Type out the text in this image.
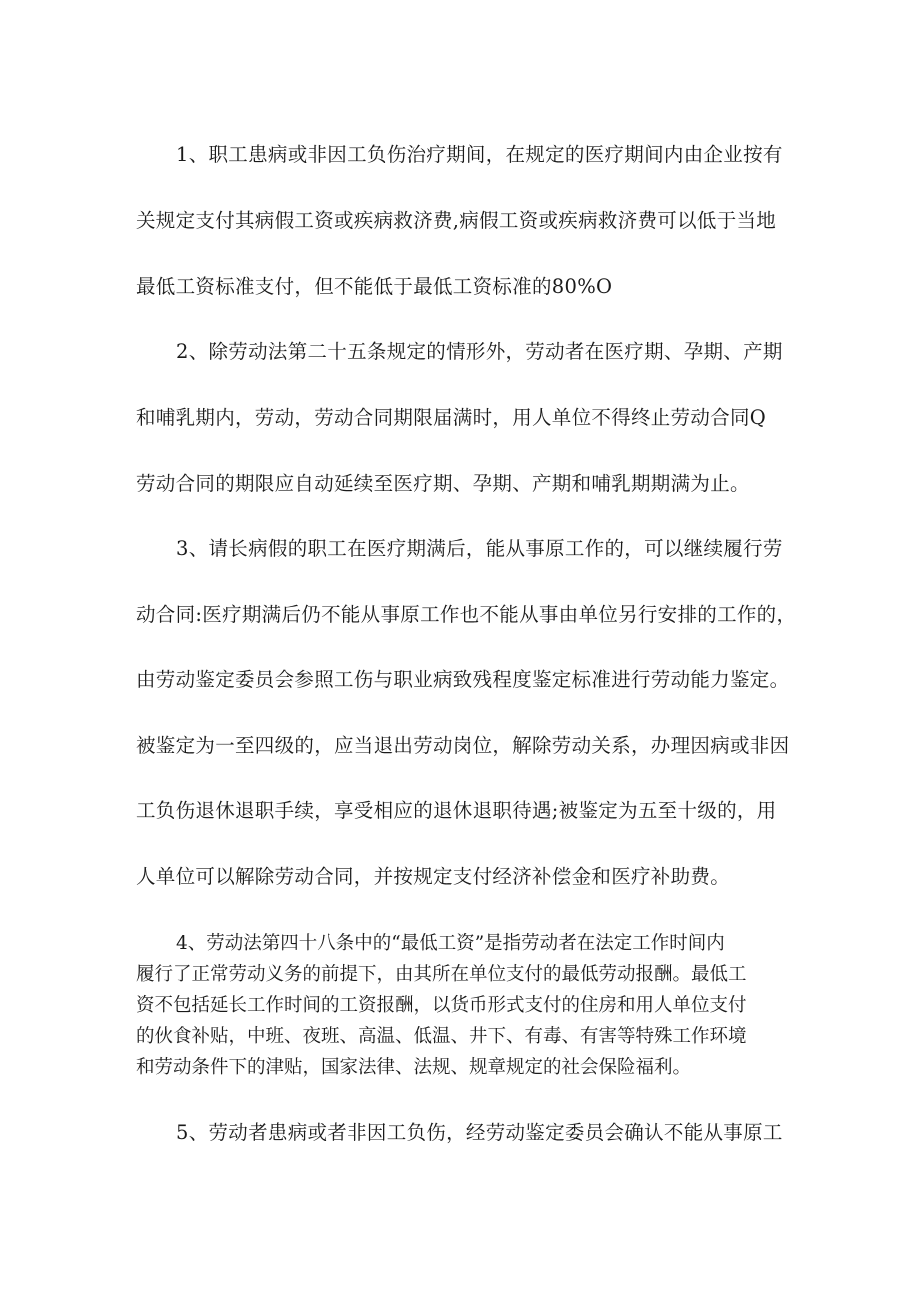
1、职工患病或非因工负伤治疗期间，在规定的医疗期间内由企业按有
关规定支付其病假工资或疾病救济费,病假工资或疾病救济费可以低于当地
最低工资标准支付，但不能低于最低工资标准的80%O
2、除劳动法第二十五条规定的情形外，劳动者在医疗期、孕期、产期
和哺乳期内，劳动，劳动合同期限届满时，用人单位不得终止劳动合同Q
劳动合同的期限应自动延续至医疗期、孕期、产期和哺乳期期满为止。
3、请长病假的职工在医疗期满后，能从事原工作的，可以继续履行劳
动合同:医疗期满后仍不能从事原工作也不能从事由单位另行安排的工作的，
由劳动鉴定委员会参照工伤与职业病致残程度鉴定标准进行劳动能力鉴定。
被鉴定为一至四级的，应当退出劳动岗位，解除劳动关系，办理因病或非因
工负伤退休退职手续，享受相应的退休退职待遇;被鉴定为五至十级的，用
人单位可以解除劳动合同，并按规定支付经济补偿金和医疗补助费。
4、劳动法第四十八条中的“最低工资”是指劳动者在法定工作时间内
履行了正常劳动义务的前提下，由其所在单位支付的最低劳动报酬。最低工
资不包括延长工作时间的工资报酬，以货币形式支付的住房和用人单位支付
的伙食补贴，中班、夜班、高温、低温、井下、有毒、有害等特殊工作环境
和劳动条件下的津贴，国家法律、法规、规章规定的社会保险福利。
5、劳动者患病或者非因工负伤，经劳动鉴定委员会确认不能从事原工
